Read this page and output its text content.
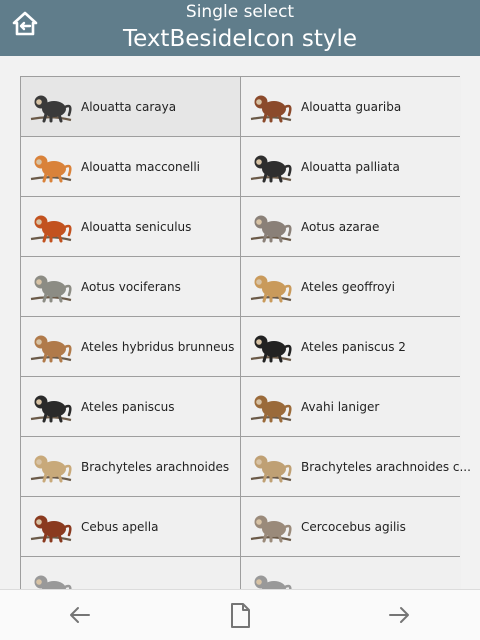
Single select
TextBesideIcon style
Alouatta caraya	Alouatta guariba
Alouatta macconelli	Alouatta palliata
Alouatta seniculus	Aotus azarae
Aotus vociferans	Ateles geoffroyi
Ateles hybridus brunneus	Ateles paniscus 2
Ateles paniscus	Avahi laniger
Brachyteles arachnoides	Brachyteles arachnoides c...
Cebus apella	Cercocebus agilis
